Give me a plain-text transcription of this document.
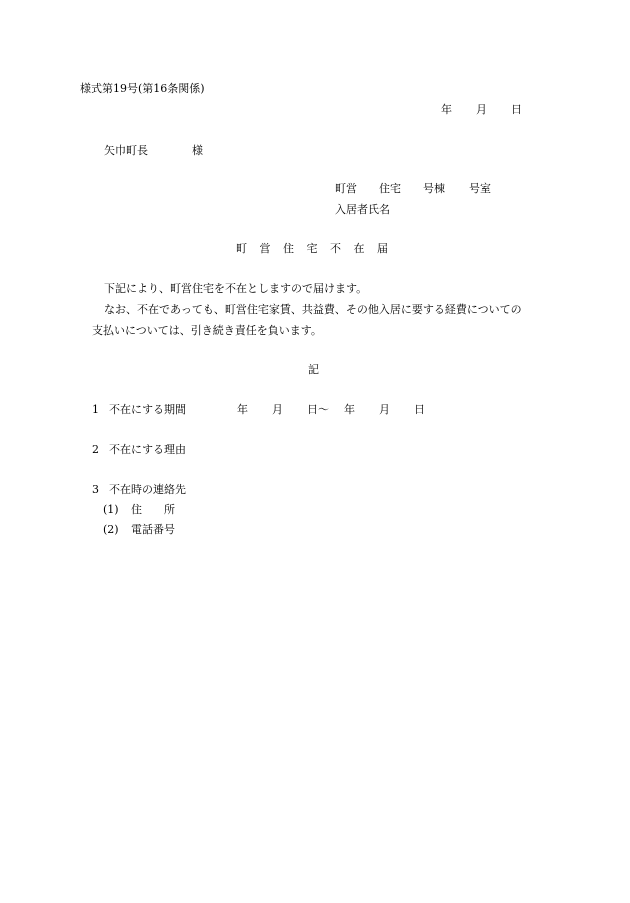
様式第19号(第16条関係)
年 月 日
矢巾町長	様
町営 住宅 号棟 号室
入居者氏名
町営住宅不在届
下記により、町営住宅を不在としますので届けます。
なお、不在であっても、町営住宅家賃、共益費、その他入居に要する経費についての
支払いについては、引き続き責任を負います。
記
1 不在にする期間	年 月 日〜 年 月 日
2 不在にする理由
3 不在時の連絡先
(1) 住 所
(2) 電話番号
